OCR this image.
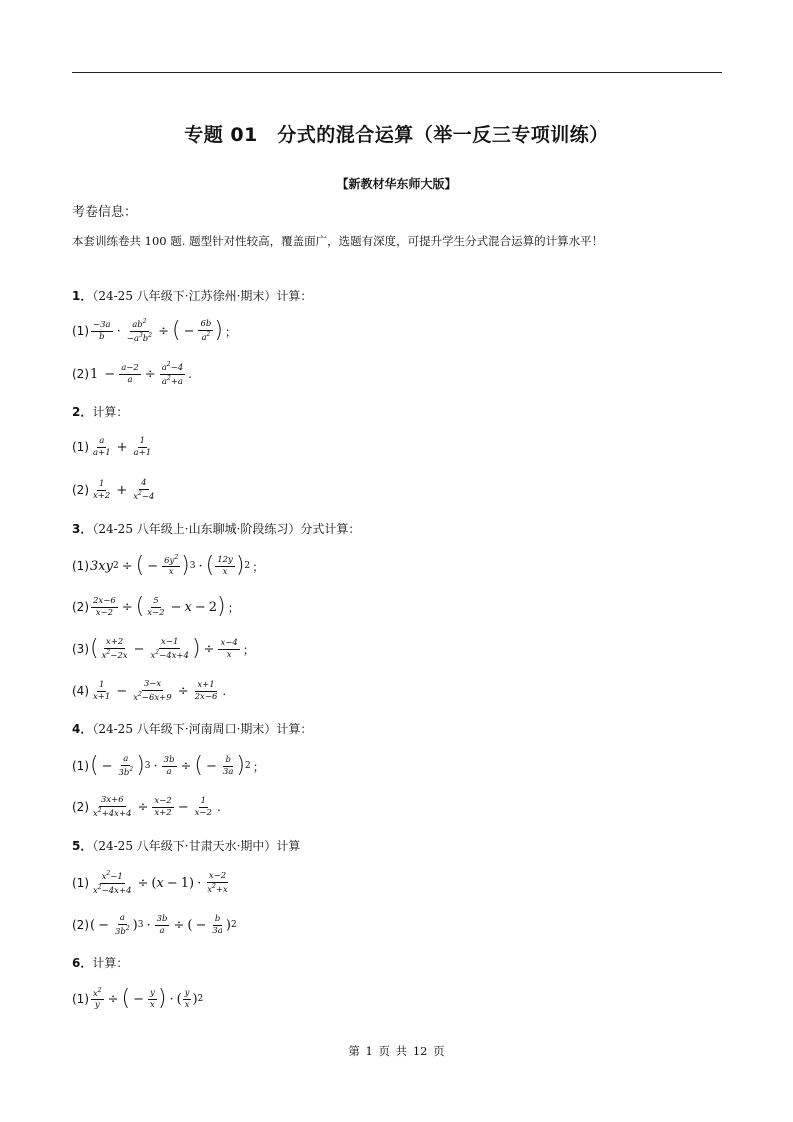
专题 01　分式的混合运算（举一反三专项训练）
【新教材华东师大版】
考卷信息：
本套训练卷共 100 题. 题型针对性较高，覆盖面广，选题有深度，可提升学生分式混合运算的计算水平！
1．（24-25 八年级下·江苏徐州·期末）计算：
(1) −3a
$b \cdot \frac{ab^2}{-a^3b^2}$ ÷ ( − $\frac{6b}{a^2}$ ) ；
(2) $1 - \frac{a-2}{a} \div \frac{a^2-4}{a^2+a}$ .
2．计算：
(1) a
$a+1 + \frac{1}{a+1}$
(2) 1
$x+2 + \frac{4}{x^2-4}$
3．（24-25 八年级上·山东聊城·阶段练习）分式计算：
(1) 3xy 2 ÷ ( − $\frac{6y^2}{x}$ ) 3 · ( 12y
x ) 2 ；
$(2) \frac{2x-6}{x-2}$ ÷ ( 5
x−2 − x − 2 ) ；
(3) ( x+2
$x^2-2x - \frac{x-1}{x^2-4x+4}$ ) ÷ $\frac{x-4}{x}$ ；
(4) 1
$x+1 - \frac{3-x}{x^2-6x+9} \div \frac{x+1}{2x-6}$ .
4．（24-25 八年级下·河南周口·期末）计算：
(1) ( − $\frac{a}{3b^2}$ ) $3 \cdot \frac{3b}{a}$ ÷ ( − $\frac{b}{3a}$ ) 2 ；
$(2) \frac{3x+6}{x^2+4x+4} \div \frac{x-2}{x+2} - \frac{1}{x-2}$ .
5．（24-25 八年级下·甘肃天水·期中）计算
$(1) \frac{x^2-1}{x^2-4x+4}$ ÷ ( x − 1) · x−2
$x^2+x$
(2) ( − $\frac{a}{3b^2}$ ) $3 \cdot \frac{3b}{a}$ ÷ ( − $\frac{b}{3a}$ ) 2
6．计算：
$(1) \frac{x^2}{y}$ ÷ ( − $\frac{y}{x}$ ) · ( y
x ) 2
第 1 页 共 12 页
